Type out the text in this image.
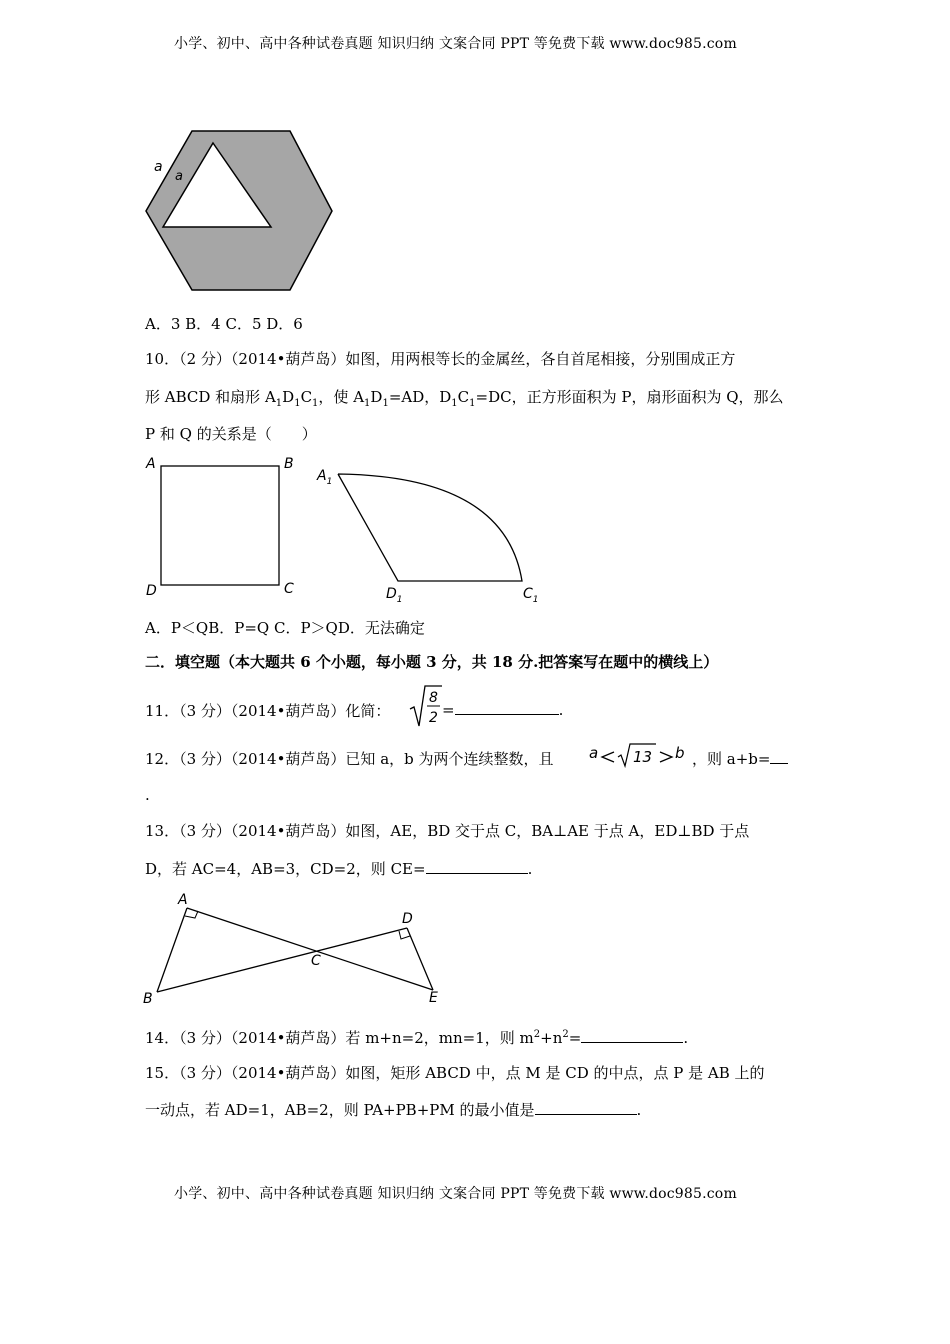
小学、初中、高中各种试卷真题 知识归纳 文案合同 PPT 等免费下载 www.doc985.com
a
a
A．3 B．4 C．5 D．6
10．（2 分）（2014•葫芦岛）如图，用两根等长的金属丝，各自首尾相接，分别围成正方
形 ABCD 和扇形 $A_1D_1C_1$，使 $A_1D_1=AD$，$D_1C_1=DC$，正方形面积为 P，扇形面积为 Q，那么
P 和 Q 的关系是（　　）
A	B
C
D
$A_1$
$D_1$	$C_1$
A．P＜QB．P=Q C．P＞QD．无法确定
二．填空题（本大题共 6 个小题，每小题 3 分，共 18 分.把答案写在题中的横线上）
11．（3 分）（2014•葫芦岛）化简：
8
2 =	.
12．（3 分）（2014•葫芦岛）已知 a，b 为两个连续整数，且 a 13 b ，则 a+b=
.
13．（3 分）（2014•葫芦岛）如图，AE，BD 交于点 C，BA⊥AE 于点 A，ED⊥BD 于点
D，若 AC=4，AB=3，CD=2，则 CE=	.
A
B
C
D
E
14．（3 分）（2014•葫芦岛）若 m+n=2，mn=1，则 $m^2+n^2=$	.
15．（3 分）（2014•葫芦岛）如图，矩形 ABCD 中，点 M 是 CD 的中点，点 P 是 AB 上的
一动点，若 AD=1，AB=2，则 PA+PB+PM 的最小值是	.
小学、初中、高中各种试卷真题 知识归纳 文案合同 PPT 等免费下载 www.doc985.com
